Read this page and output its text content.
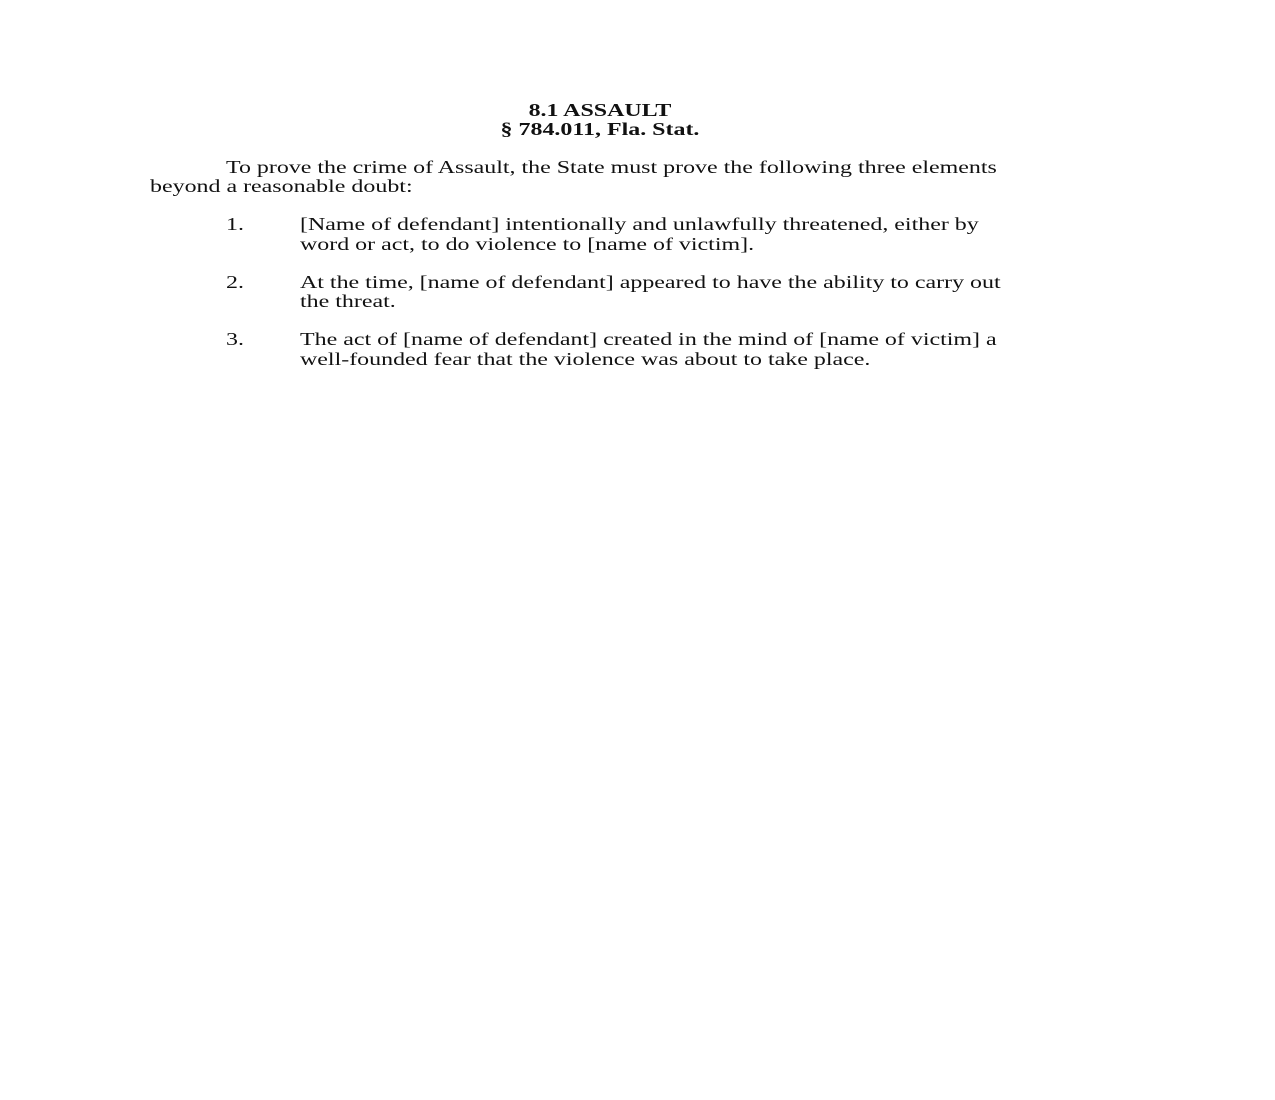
8.1 ASSAULT
§ 784.011, Fla. Stat.
To prove the crime of Assault, the State must prove the following three elements
beyond a reasonable doubt:
1.	[Name of defendant] intentionally and unlawfully threatened, either by
word or act, to do violence to [name of victim].
2.	At the time, [name of defendant] appeared to have the ability to carry out
the threat.
3.	The act of [name of defendant] created in the mind of [name of victim] a
well-founded fear that the violence was about to take place.
